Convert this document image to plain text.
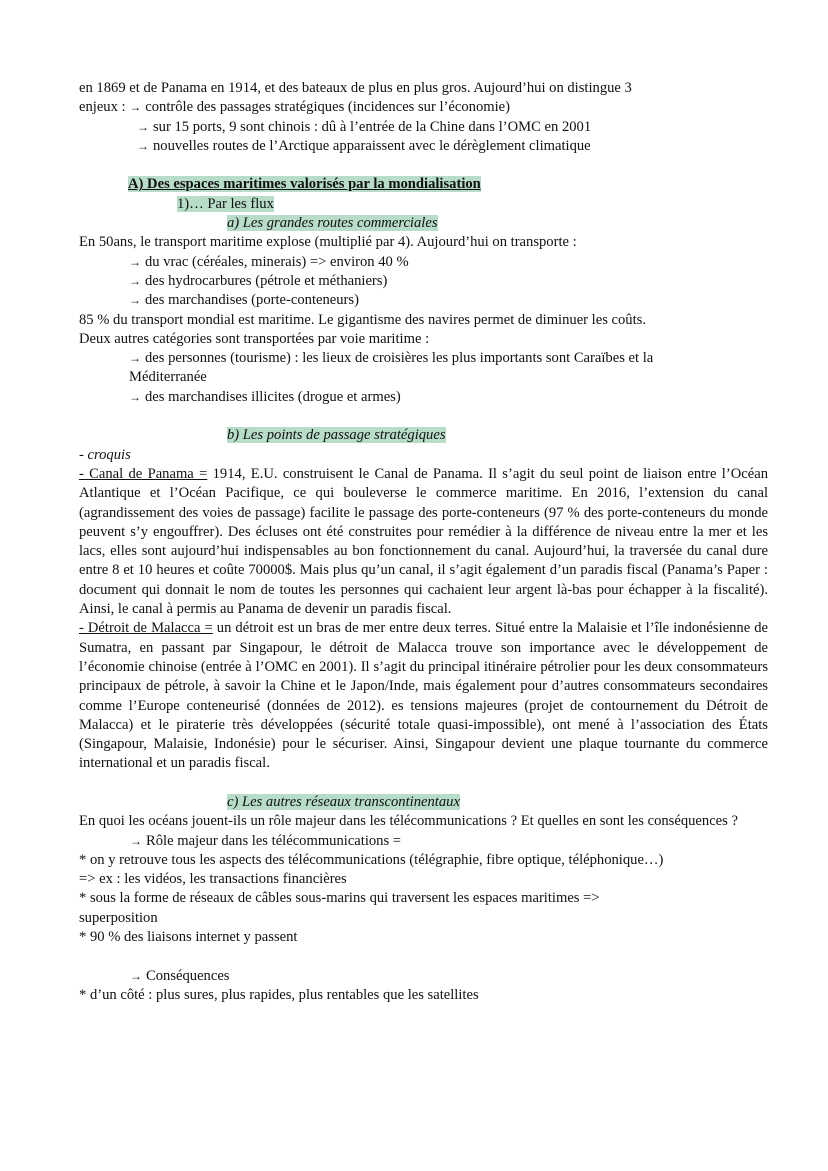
en 1869 et de Panama en 1914, et des bateaux de plus en plus gros. Aujourd’hui on distingue 3
enjeux : → contrôle des passages stratégiques (incidences sur l’économie)
→ sur 15 ports, 9 sont chinois : dû à l’entrée de la Chine dans l’OMC en 2001
→ nouvelles routes de l’Arctique apparaissent avec le dérèglement climatique
A) Des espaces maritimes valorisés par la mondialisation
1)… Par les flux
a) Les grandes routes commerciales
En 50ans, le transport maritime explose (multiplié par 4). Aujourd’hui on transporte :
→ du vrac (céréales, minerais) => environ 40 %
→ des hydrocarbures (pétrole et méthaniers)
→ des marchandises (porte-conteneurs)
85 % du transport mondial est maritime. Le gigantisme des navires permet de diminuer les coûts.
Deux autres catégories sont transportées par voie maritime :
→ des personnes (tourisme) : les lieux de croisières les plus importants sont Caraïbes et la
Méditerranée
→ des marchandises illicites (drogue et armes)
b) Les points de passage stratégiques
- croquis
- Canal de Panama = 1914, E.U. construisent le Canal de Panama. Il s’agit du seul point de liaison entre l’Océan Atlantique et l’Océan Pacifique, ce qui bouleverse le commerce maritime. En 2016, l’extension du canal (agrandissement des voies de passage) facilite le passage des porte-conteneurs (97 % des porte-conteneurs du monde peuvent s’y engouffrer). Des écluses ont été construites pour remédier à la différence de niveau entre la mer et les lacs, elles sont aujourd’hui indispensables au bon fonctionnement du canal. Aujourd’hui, la traversée du canal dure entre 8 et 10 heures et coûte 70000$. Mais plus qu’un canal, il s’agit également d’un paradis fiscal (Panama’s Paper : document qui donnait le nom de toutes les personnes qui cachaient leur argent là-bas pour échapper à la fiscalité). Ainsi, le canal à permis au Panama de devenir un paradis fiscal.
- Détroit de Malacca = un détroit est un bras de mer entre deux terres. Situé entre la Malaisie et l’île indonésienne de Sumatra, en passant par Singapour, le détroit de Malacca trouve son importance avec le développement de l’économie chinoise (entrée à l’OMC en 2001). Il s’agit du principal itinéraire pétrolier pour les deux consommateurs principaux de pétrole, à savoir la Chine et le Japon/Inde, mais également pour d’autres consommateurs secondaires comme l’Europe conteneurisé (données de 2012). es tensions majeures (projet de contournement du Détroit de Malacca) et le piraterie très développées (sécurité totale quasi-impossible), ont mené à l’association des États (Singapour, Malaisie, Indonésie) pour le sécuriser. Ainsi, Singapour devient une plaque tournante du commerce international et un paradis fiscal.
c) Les autres réseaux transcontinentaux
En quoi les océans jouent-ils un rôle majeur dans les télécommunications ? Et quelles en sont les conséquences ?
→ Rôle majeur dans les télécommunications =
* on y retrouve tous les aspects des télécommunications (télégraphie, fibre optique, téléphonique…)
=> ex : les vidéos, les transactions financières
* sous la forme de réseaux de câbles sous-marins qui traversent les espaces maritimes =>
superposition
* 90 % des liaisons internet y passent
→ Conséquences
* d’un côté : plus sures, plus rapides, plus rentables que les satellites
